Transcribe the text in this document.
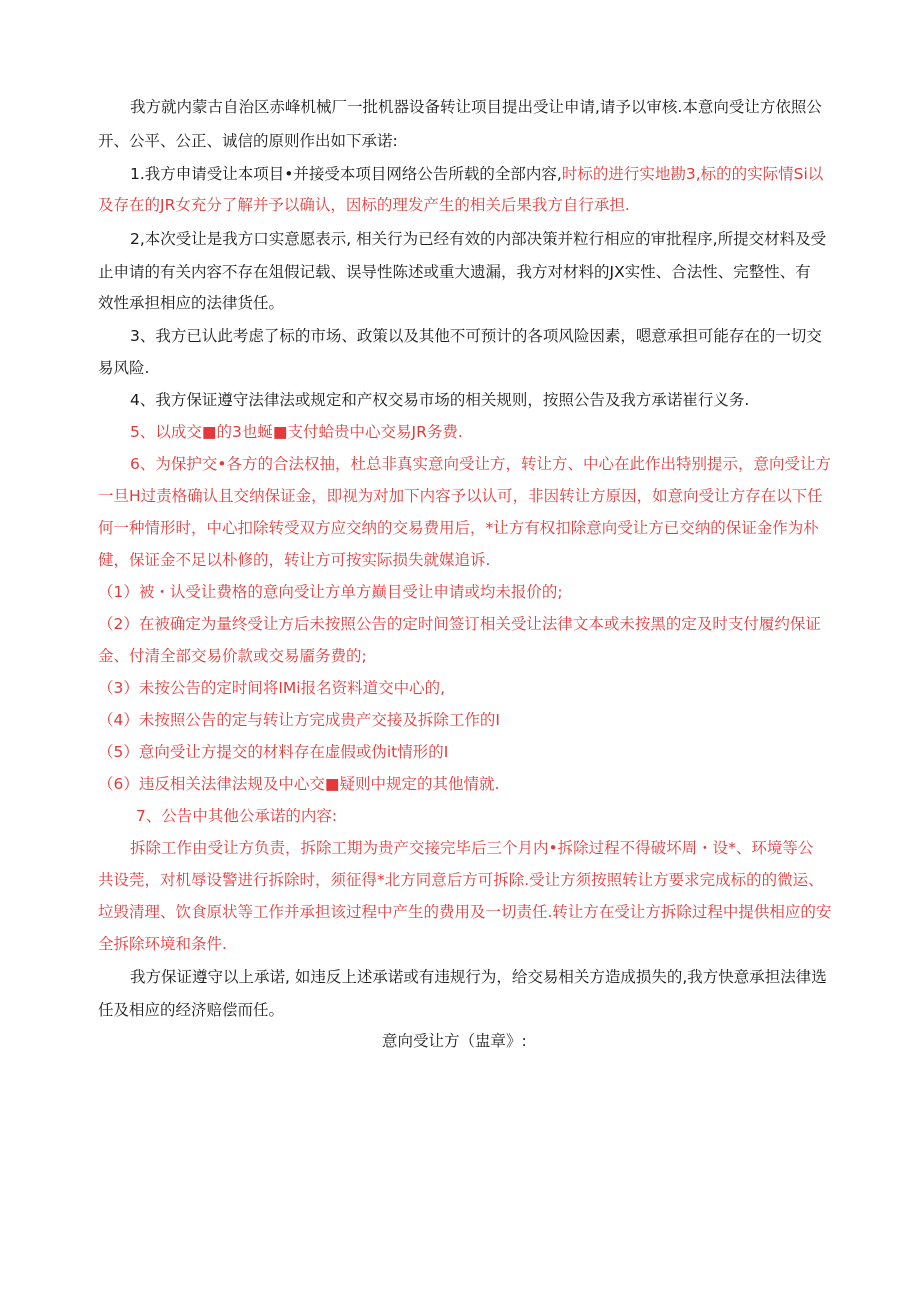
我方就内蒙古自治区赤峰机械厂一批机器设备转让项目提出受让申请,请予以审核.本意向受让方依照公
开、公平、公正、诚信的原则作出如下承诺:
1.我方申请受让本项目•并接受本项目网络公告所载的全部内容,时标的进行实地勘3,标的的实际情Si以
及存在的JR女充分了解并予以确认，因标的理发产生的相关后果我方自行承担.
2,本次受让是我方口实意愿表示, 相关行为已经有效的内部决策并粒行相应的审批程序,所提交材料及受
止申请的有关内容不存在俎假记载、误导性陈述或重大遗漏，我方对材料的JX实性、合法性、完整性、有
效性承担相应的法律货任。
3、我方已认此考虑了标的市场、政策以及其他不可预计的各项风险因素，嗯意承担可能存在的一切交
易风险.
4、我方保证遵守法律法或规定和产权交易市场的相关规则，按照公告及我方承诺崔行义务.
5、以成交■的3也蜒■支付蛤贵中心交易JR务费.
6、为保护交•各方的合法权抽，杜总非真实意向受让方，转让方、中心在此作出特别提示，意向受让方
一旦H过责格确认且交纳保证金，即视为对加下内容予以认可，非因转让方原因，如意向受让方存在以下任
何一种情形时，中心扣除转受双方应交纳的交易费用后，*让方有权扣除意向受让方已交纳的保证金作为朴
健，保证金不足以朴修的，转让方可按实际损失就媒追诉.
（1）被・认受让费格的意向受让方单方巅目受让申请或均未报价的;
（2）在被确定为量终受让方后未按照公告的定时间签订相关受让法律文本或未按黑的定及时支付履约保证
金、付清全部交易价款或交易靥务费的;
（3）未按公告的定时间将IMi报名资料道交中心的,
（4）未按照公告的定与转让方完成贵产交接及拆除工作的I
（5）意向受让方提交的材料存在虚假或伪it情形的I
（6）违反相关法律法规及中心交■疑则中规定的其他情就.
7、公告中其他公承诺的内容:
拆除工作由受让方负责，拆除工期为贵产交接完毕后三个月内•拆除过程不得破坏周・设*、环境等公
共设莞，对机辱设警进行拆除时，须征得*北方同意后方可拆除.受让方须按照转让方要求完成标的的微运、
垃毁清理、饮食原状等工作并承担该过程中产生的费用及一切责任.转让方在受让方拆除过程中提供相应的安
全拆除环境和条件.
我方保证遵守以上承诺, 如违反上述承诺或有违规行为，给交易相关方造成损失的,我方快意承担法律选
任及相应的经济赔偿而任。
意向受让方（盅章》:
